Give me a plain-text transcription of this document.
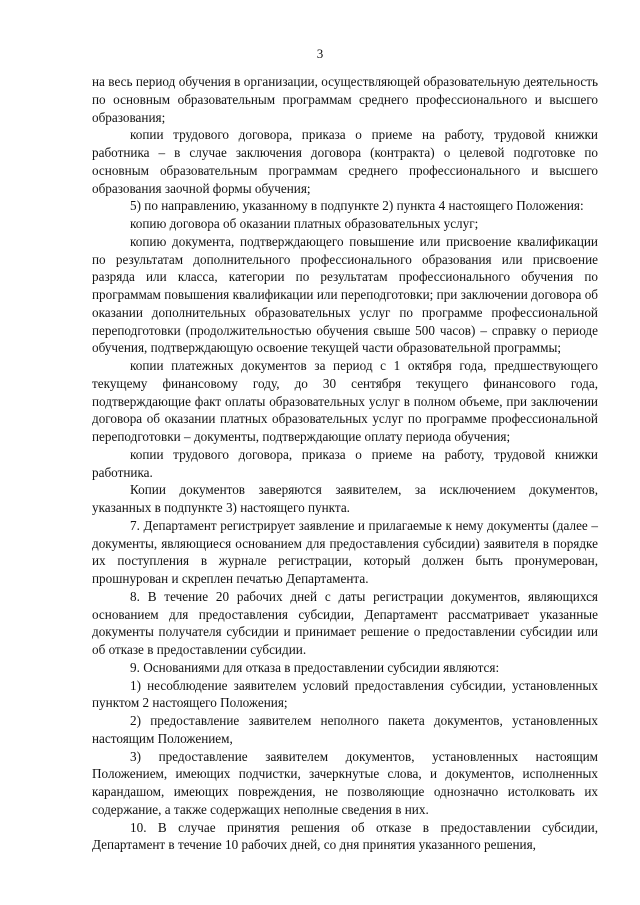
3

на весь период обучения в организации, осуществляющей образовательную деятельность по основным образовательным программам среднего профессионального и высшего образования;

копии трудового договора, приказа о приеме на работу, трудовой книжки работника – в случае заключения договора (контракта) о целевой подготовке по основным образовательным программам среднего профессионального и высшего образования заочной формы обучения;

5) по направлению, указанному в подпункте 2) пункта 4 настоящего Положения:

копию договора об оказании платных образовательных услуг;

копию документа, подтверждающего повышение или присвоение квалификации по результатам дополнительного профессионального образования или присвоение разряда или класса, категории по результатам профессионального обучения по программам повышения квалификации или переподготовки; при заключении договора об оказании дополнительных образовательных услуг по программе профессиональной переподготовки (продолжительностью обучения свыше 500 часов) – справку о периоде обучения, подтверждающую освоение текущей части образовательной программы;

копии платежных документов за период с 1 октября года, предшествующего текущему финансовому году, до 30 сентября текущего финансового года, подтверждающие факт оплаты образовательных услуг в полном объеме, при заключении договора об оказании платных образовательных услуг по программе профессиональной переподготовки – документы, подтверждающие оплату периода обучения;

копии трудового договора, приказа о приеме на работу, трудовой книжки работника.

Копии документов заверяются заявителем, за исключением документов, указанных в подпункте 3) настоящего пункта.

7. Департамент регистрирует заявление и прилагаемые к нему документы (далее – документы, являющиеся основанием для предоставления субсидии) заявителя в порядке их поступления в журнале регистрации, который должен быть пронумерован, прошнурован и скреплен печатью Департамента.

8. В течение 20 рабочих дней с даты регистрации документов, являющихся основанием для предоставления субсидии, Департамент рассматривает указанные документы получателя субсидии и принимает решение о предоставлении субсидии или об отказе в предоставлении субсидии.

9. Основаниями для отказа в предоставлении субсидии являются:

1) несоблюдение заявителем условий предоставления субсидии, установленных пунктом 2 настоящего Положения;

2) предоставление заявителем неполного пакета документов, установленных настоящим Положением,

3) предоставление заявителем документов, установленных настоящим Положением, имеющих подчистки, зачеркнутые слова, и документов, исполненных карандашом, имеющих повреждения, не позволяющие однозначно истолковать их содержание, а также содержащих неполные сведения в них.

10. В случае принятия решения об отказе в предоставлении субсидии, Департамент в течение 10 рабочих дней, со дня принятия указанного решения,
